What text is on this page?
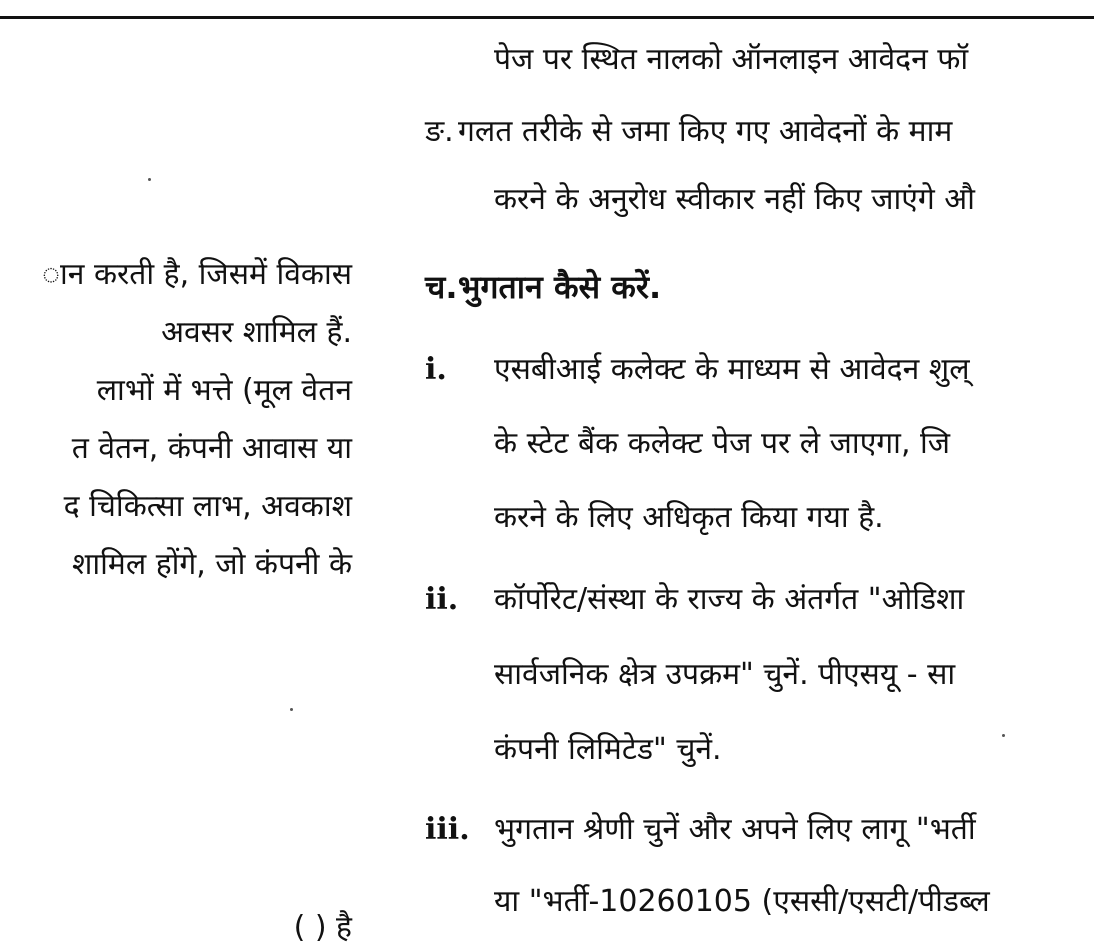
ान करती है, जिसमें विकास
अवसर शामिल हैं.
लाभों में भत्ते (मूल वेतन
त वेतन, कंपनी आवास या
द चिकित्सा लाभ, अवकाश
शामिल होंगे, जो कंपनी के
( ) है
पेज पर स्थित नालको ऑनलाइन आवेदन फॉ
ङ. गलत तरीके से जमा किए गए आवेदनों के माम
करने के अनुरोध स्वीकार नहीं किए जाएंगे औ
च. भुगतान कैसे करें.
i. एसबीआई कलेक्ट के माध्यम से आवेदन शुल्
के स्टेट बैंक कलेक्ट पेज पर ले जाएगा, जि
करने के लिए अधिकृत किया गया है.
ii. कॉर्पोरेट/संस्था के राज्य के अंतर्गत "ओडिशा
सार्वजनिक क्षेत्र उपक्रम" चुनें. पीएसयू - सा
कंपनी लिमिटेड" चुनें.
iii. भुगतान श्रेणी चुनें और अपने लिए लागू "भर्ती
या "भर्ती-10260105 (एससी/एसटी/पीडब्ल
